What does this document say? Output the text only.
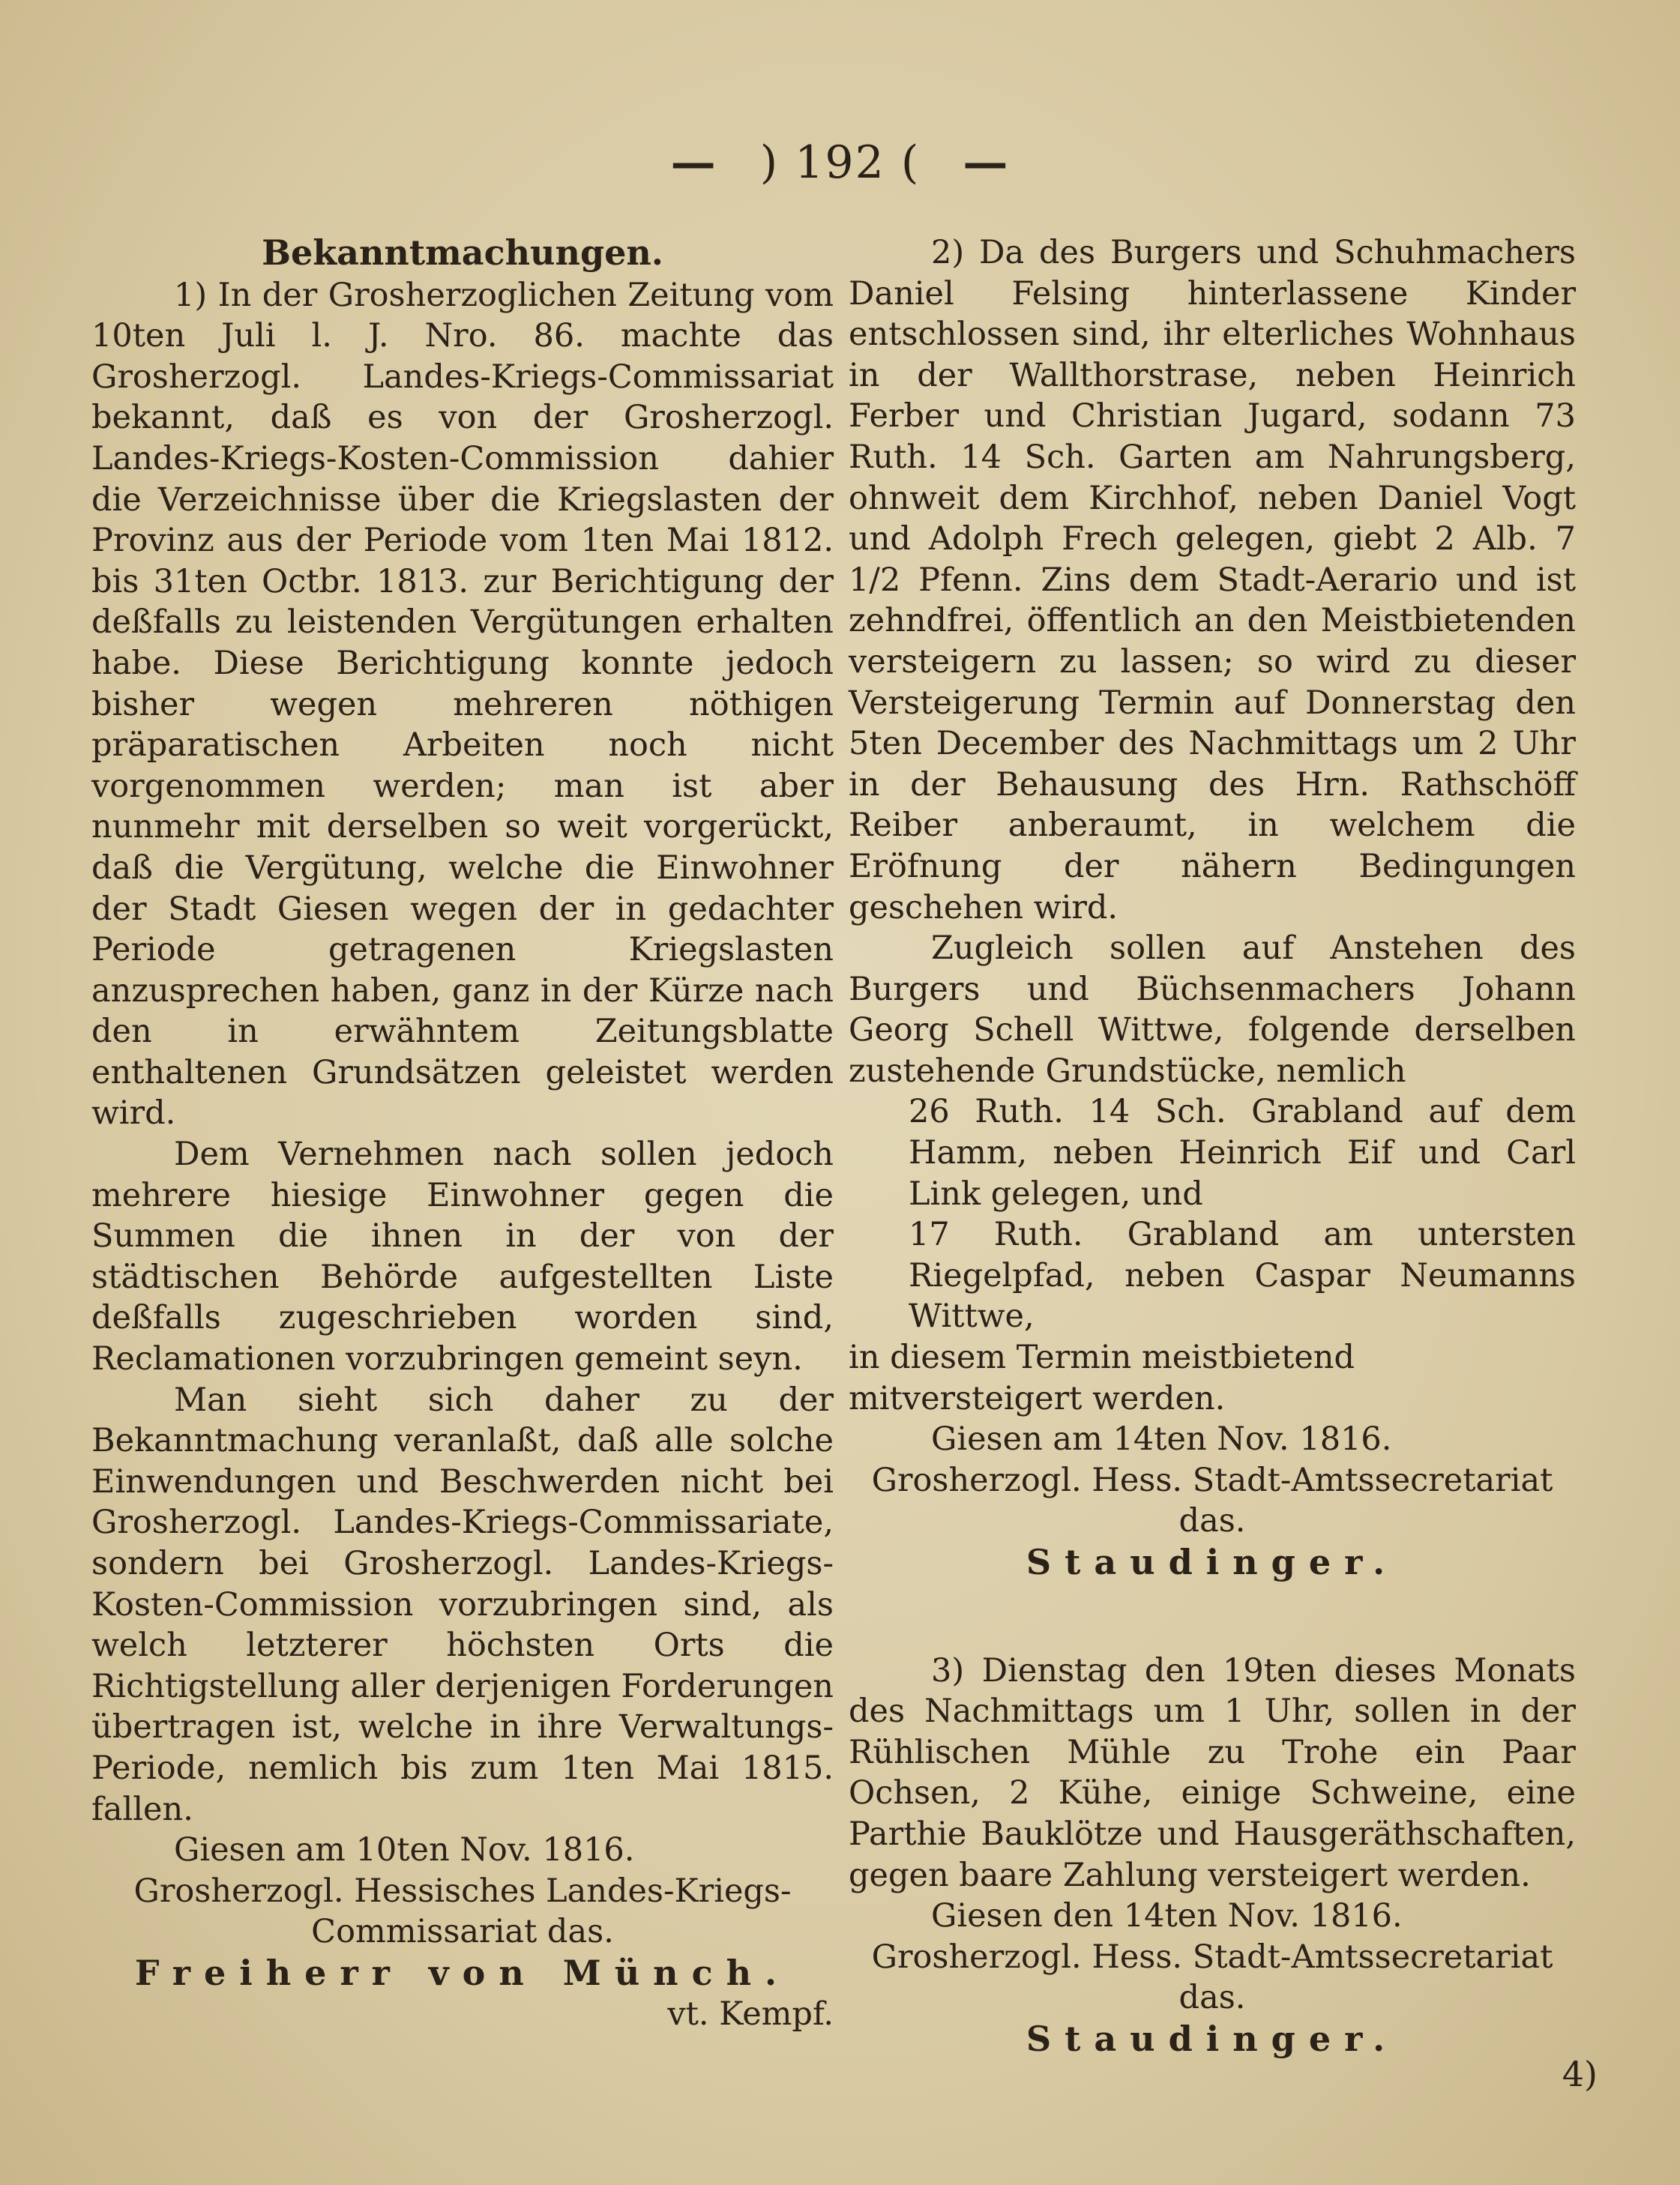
— ) 192 ( —

Bekanntmachungen.

1) In der Grosherzoglichen Zeitung vom 10ten Juli l. J. Nro. 86. machte das Grosherzogl. Landes-Kriegs-Commissariat bekannt, daß es von der Grosherzogl. Landes-Kriegs-Kosten-Commission dahier die Verzeichnisse über die Kriegslasten der Provinz aus der Periode vom 1ten Mai 1812. bis 31ten Octbr. 1813. zur Berichtigung der deßfalls zu leistenden Vergütungen erhalten habe. Diese Berichtigung konnte jedoch bisher wegen mehreren nöthigen präparatischen Arbeiten noch nicht vorgenommen werden; man ist aber nunmehr mit derselben so weit vorgerückt, daß die Vergütung, welche die Einwohner der Stadt Giesen wegen der in gedachter Periode getragenen Kriegslasten anzusprechen haben, ganz in der Kürze nach den in erwähntem Zeitungsblatte enthaltenen Grundsätzen geleistet werden wird.

Dem Vernehmen nach sollen jedoch mehrere hiesige Einwohner gegen die Summen die ihnen in der von der städtischen Behörde aufgestellten Liste deßfalls zugeschrieben worden sind, Reclamationen vorzubringen gemeint seyn.

Man sieht sich daher zu der Bekanntmachung veranlaßt, daß alle solche Einwendungen und Beschwerden nicht bei Grosherzogl. Landes-Kriegs-Commissariate, sondern bei Grosherzogl. Landes-Kriegs-Kosten-Commission vorzubringen sind, als welch letzterer höchsten Orts die Richtigstellung aller derjenigen Forderungen übertragen ist, welche in ihre Verwaltungs-Periode, nemlich bis zum 1ten Mai 1815. fallen.

Giesen am 10ten Nov. 1816.

Grosherzogl. Hessisches Landes-Kriegs-Commissariat das.

Freiherr von Münch.

vt. Kempf.

2) Da des Burgers und Schuhmachers Daniel Felsing hinterlassene Kinder entschlossen sind, ihr elterliches Wohnhaus in der Wallthorstrase, neben Heinrich Ferber und Christian Jugard, sodann 73 Ruth. 14 Sch. Garten am Nahrungsberg, ohnweit dem Kirchhof, neben Daniel Vogt und Adolph Frech gelegen, giebt 2 Alb. 7 1/2 Pfenn. Zins dem Stadt-Aerario und ist zehndfrei, öffentlich an den Meistbietenden versteigern zu lassen; so wird zu dieser Versteigerung Termin auf Donnerstag den 5ten December des Nachmittags um 2 Uhr in der Behausung des Hrn. Rathschöff Reiber anberaumt, in welchem die Eröfnung der nähern Bedingungen geschehen wird.

Zugleich sollen auf Anstehen des Burgers und Büchsenmachers Johann Georg Schell Wittwe, folgende derselben zustehende Grundstücke, nemlich

26 Ruth. 14 Sch. Grabland auf dem Hamm, neben Heinrich Eif und Carl Link gelegen, und

17 Ruth. Grabland am untersten Riegelpfad, neben Caspar Neumanns Wittwe,

in diesem Termin meistbietend mitversteigert werden.

Giesen am 14ten Nov. 1816.

Grosherzogl. Hess. Stadt-Amtssecretariat das.

Staudinger.

3) Dienstag den 19ten dieses Monats des Nachmittags um 1 Uhr, sollen in der Rühlischen Mühle zu Trohe ein Paar Ochsen, 2 Kühe, einige Schweine, eine Parthie Bauklötze und Hausgeräthschaften, gegen baare Zahlung versteigert werden.

Giesen den 14ten Nov. 1816.

Grosherzogl. Hess. Stadt-Amtssecretariat das.

Staudinger.

4)
